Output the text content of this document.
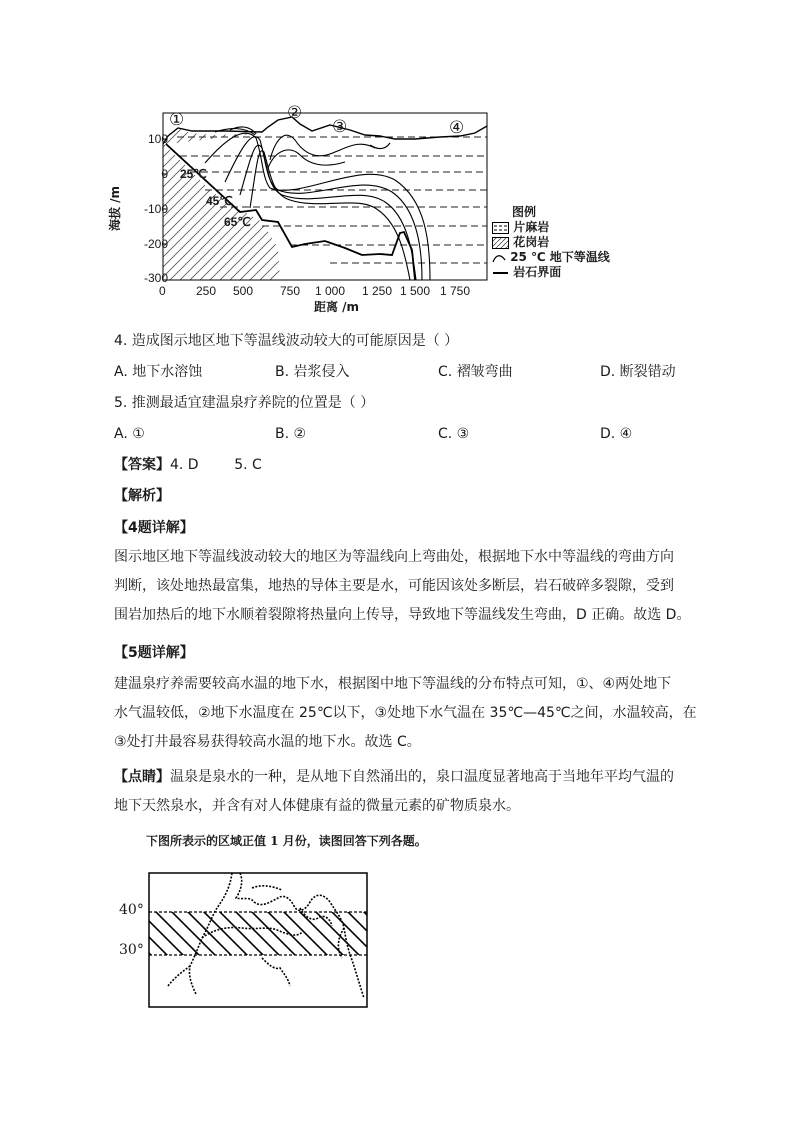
100
0
-100
-200
-300
海拔 /m
0	250 500 750 1 000 1 250 1 500 1 750
距离 /m
25℃
45℃
65℃
①	②
③	④
图例
片麻岩
花岗岩
25 ℃ 地下等温线
岩石界面
4. 造成图示地区地下等温线波动较大的可能原因是（ ）
A. 地下水溶蚀	B. 岩浆侵入	C. 褶皱弯曲	D. 断裂错动
5. 推测最适宜建温泉疗养院的位置是（ ）
A. ①	B. ②	C. ③	D. ④
【答案】4. D        5. C
【解析】
【4题详解】
图示地区地下等温线波动较大的地区为等温线向上弯曲处，根据地下水中等温线的弯曲方向
判断，该处地热最富集，地热的导体主要是水，可能因该处多断层，岩石破碎多裂隙，受到
围岩加热后的地下水顺着裂隙将热量向上传导，导致地下等温线发生弯曲，D 正确。故选 D。
【5题详解】
建温泉疗养需要较高水温的地下水，根据图中地下等温线的分布特点可知，①、④两处地下
水气温较低，②地下水温度在 25℃以下，③处地下水气温在 35℃—45℃之间，水温较高，在
③处打井最容易获得较高水温的地下水。故选 C。
【点睛】温泉是泉水的一种，是从地下自然涌出的，泉口温度显著地高于当地年平均气温的
地下天然泉水，并含有对人体健康有益的微量元素的矿物质泉水。
下图所表示的区域正值 1 月份，读图回答下列各题。
40°
30°
